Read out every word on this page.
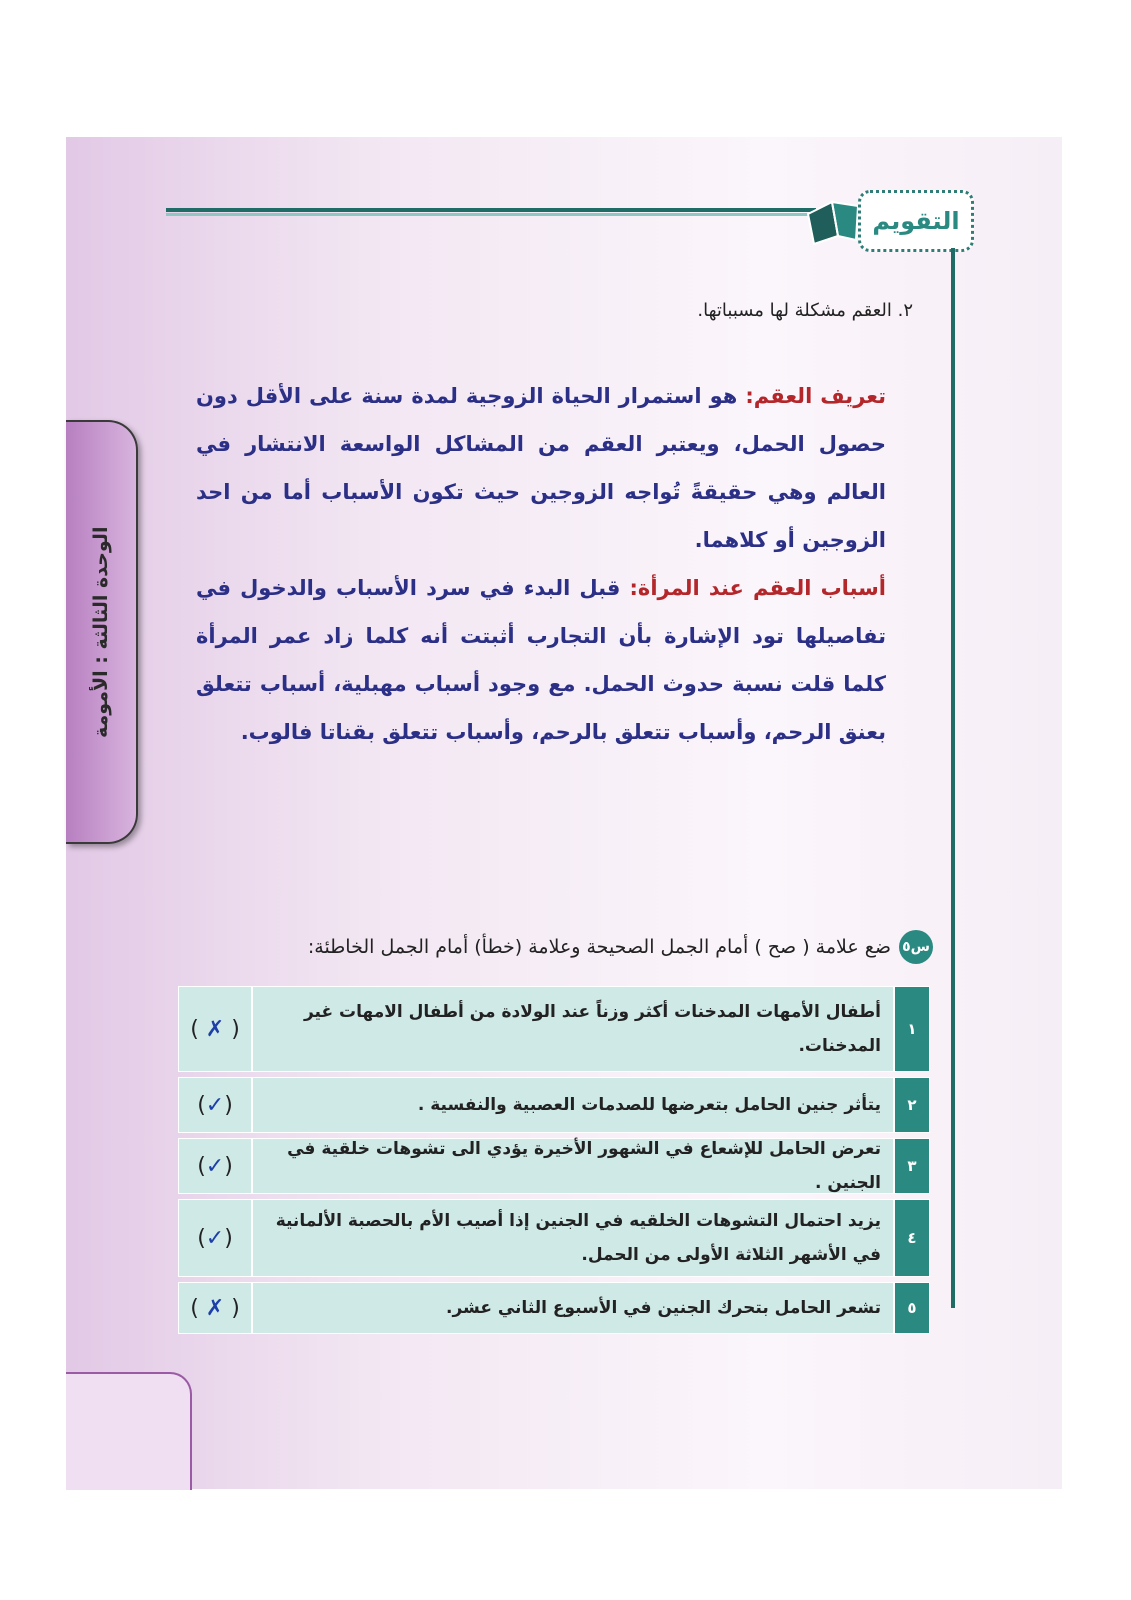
الوحدة الثالثة : الأمومة
التقويم
٢. العقم مشكلة لها مسبباتها.
تعريف العقم: هو استمرار الحياة الزوجية لمدة سنة على الأقل دون حصول الحمل، ويعتبر العقم من المشاكل الواسعة الانتشار في العالم وهي حقيقةً تُواجه الزوجين حيث تكون الأسباب أما من احد الزوجين أو كلاهما.
أسباب العقم عند المرأة: قبل البدء في سرد الأسباب والدخول في تفاصيلها تود الإشارة بأن التجارب أثبتت أنه كلما زاد عمر المرأة كلما قلت نسبة حدوث الحمل. مع وجود أسباب مهبلية، أسباب تتعلق بعنق الرحم، وأسباب تتعلق بالرحم، وأسباب تتعلق بقناتا فالوب.
س٥
ضع علامة ( صح ) أمام الجمل الصحيحة وعلامة (خطأ) أمام الجمل الخاطئة:
١
أطفال الأمهات المدخنات أكثر وزناً عند الولادة من أطفال الامهات غير المدخنات.
( ✗ )
٢
يتأثر جنين الحامل بتعرضها للصدمات العصبية والنفسية .
( ✓ )
٣
تعرض الحامل للإشعاع في الشهور الأخيرة يؤدي الى تشوهات خلقية في الجنين .
( ✓ )
٤
يزيد احتمال التشوهات الخلقيه في الجنين إذا أصيب الأم بالحصبة الألمانية في الأشهر الثلاثة الأولى من الحمل.
( ✓ )
٥
تشعر الحامل بتحرك الجنين في الأسبوع الثاني عشر.
( ✗ )
